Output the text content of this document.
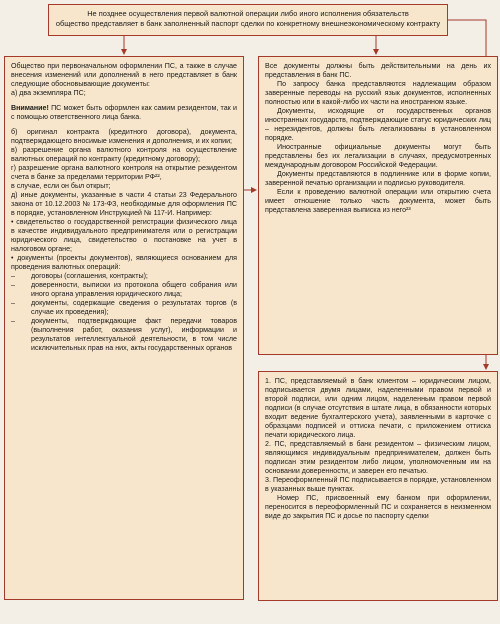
Не позднее осуществления первой валютной операции либо иного исполнения обязательств

общество представляет в банк заполненный паспорт сделки по конкретному внешнеэкономическому контракту

Общество при первоначальном оформлении ПС, а также в случае внесения изменений или дополнений в него представляет в банк следующие обосновывающие документы:

а) два экземпляра ПС;

Внимание! ПС может быть оформлен как самим резидентом, так и с помощью ответственного лица банка.

б) оригинал контракта (кредитного договора), документа, подтверждающего вносимые изменения и дополнения, и их копии;

в) разрешение органа валютного контроля на осуществление валютных операций по контракту (кредитному договору);

г) разрешение органа валютного контроля на открытие резидентом счета в банке за пределами территории РФ²²,

в случае, если он был открыт;

д) иные документы, указанные в части 4 статьи 23 Федерального закона от 10.12.2003 № 173-ФЗ, необходимые для оформления ПС в порядке, установленном Инструкцией № 117-И. Например:

• свидетельство о государственной регистрации физического лица в качестве индивидуального предпринимателя или о регистрации юридического лица, свидетельство о постановке на учет в налоговом органе;

• документы (проекты документов), являющиеся основанием для проведения валютных операций:

– договоры (соглашения, контракты);

– доверенности, выписки из протокола общего собрания или иного органа управления юридического лица;

– документы, содержащие сведения о результатах торгов (в случае их проведения);

– документы, подтверждающие факт передачи товаров (выполнения работ, оказания услуг), информации и результатов интеллектуальной деятельности, в том числе исключительных прав на них, акты государственных органов

Все документы должны быть действительными на день их представления в банк ПС.

По запросу банка представляются надлежащим образом заверенные переводы на русский язык документов, исполненных полностью или в какой-либо их части на иностранном языке.

Документы, исходящие от государственных органов иностранных государств, подтверждающие статус юридических лиц – нерезидентов, должны быть легализованы в установленном порядке.

Иностранные официальные документы могут быть представлены без их легализации в случаях, предусмотренных международным договором Российской Федерации.

Документы представляются в подлиннике или в форме копии, заверенной печатью организации и подписью руководителя.

Если к проведению валютной операции или открытию счета имеет отношение только часть документа, может быть представлена заверенная выписка из него²³

1. ПС, представляемый в банк клиентом – юридическим лицом, подписывается двумя лицами, наделенными правом первой и второй подписи, или одним лицом, наделенным правом первой подписи (в случае отсутствия в штате лица, в обязанности которых входит ведение бухгалтерского учета), заявленными в карточке с образцами подписей и оттиска печати, с приложением оттиска печати юридического лица.

2. ПС, представляемый в банк резидентом – физическим лицом, являющимся индивидуальным предпринимателем, должен быть подписан этим резидентом либо лицом, уполномоченным им на основании доверенности, и заверен его печатью.

3. Переоформленный ПС подписывается в порядке, установленном в указанных выше пунктах.

Номер ПС, присвоенный ему банком при оформлении, переносится в переоформленный ПС и сохраняется в неизменном виде до закрытия ПС и досье по паспорту сделки
